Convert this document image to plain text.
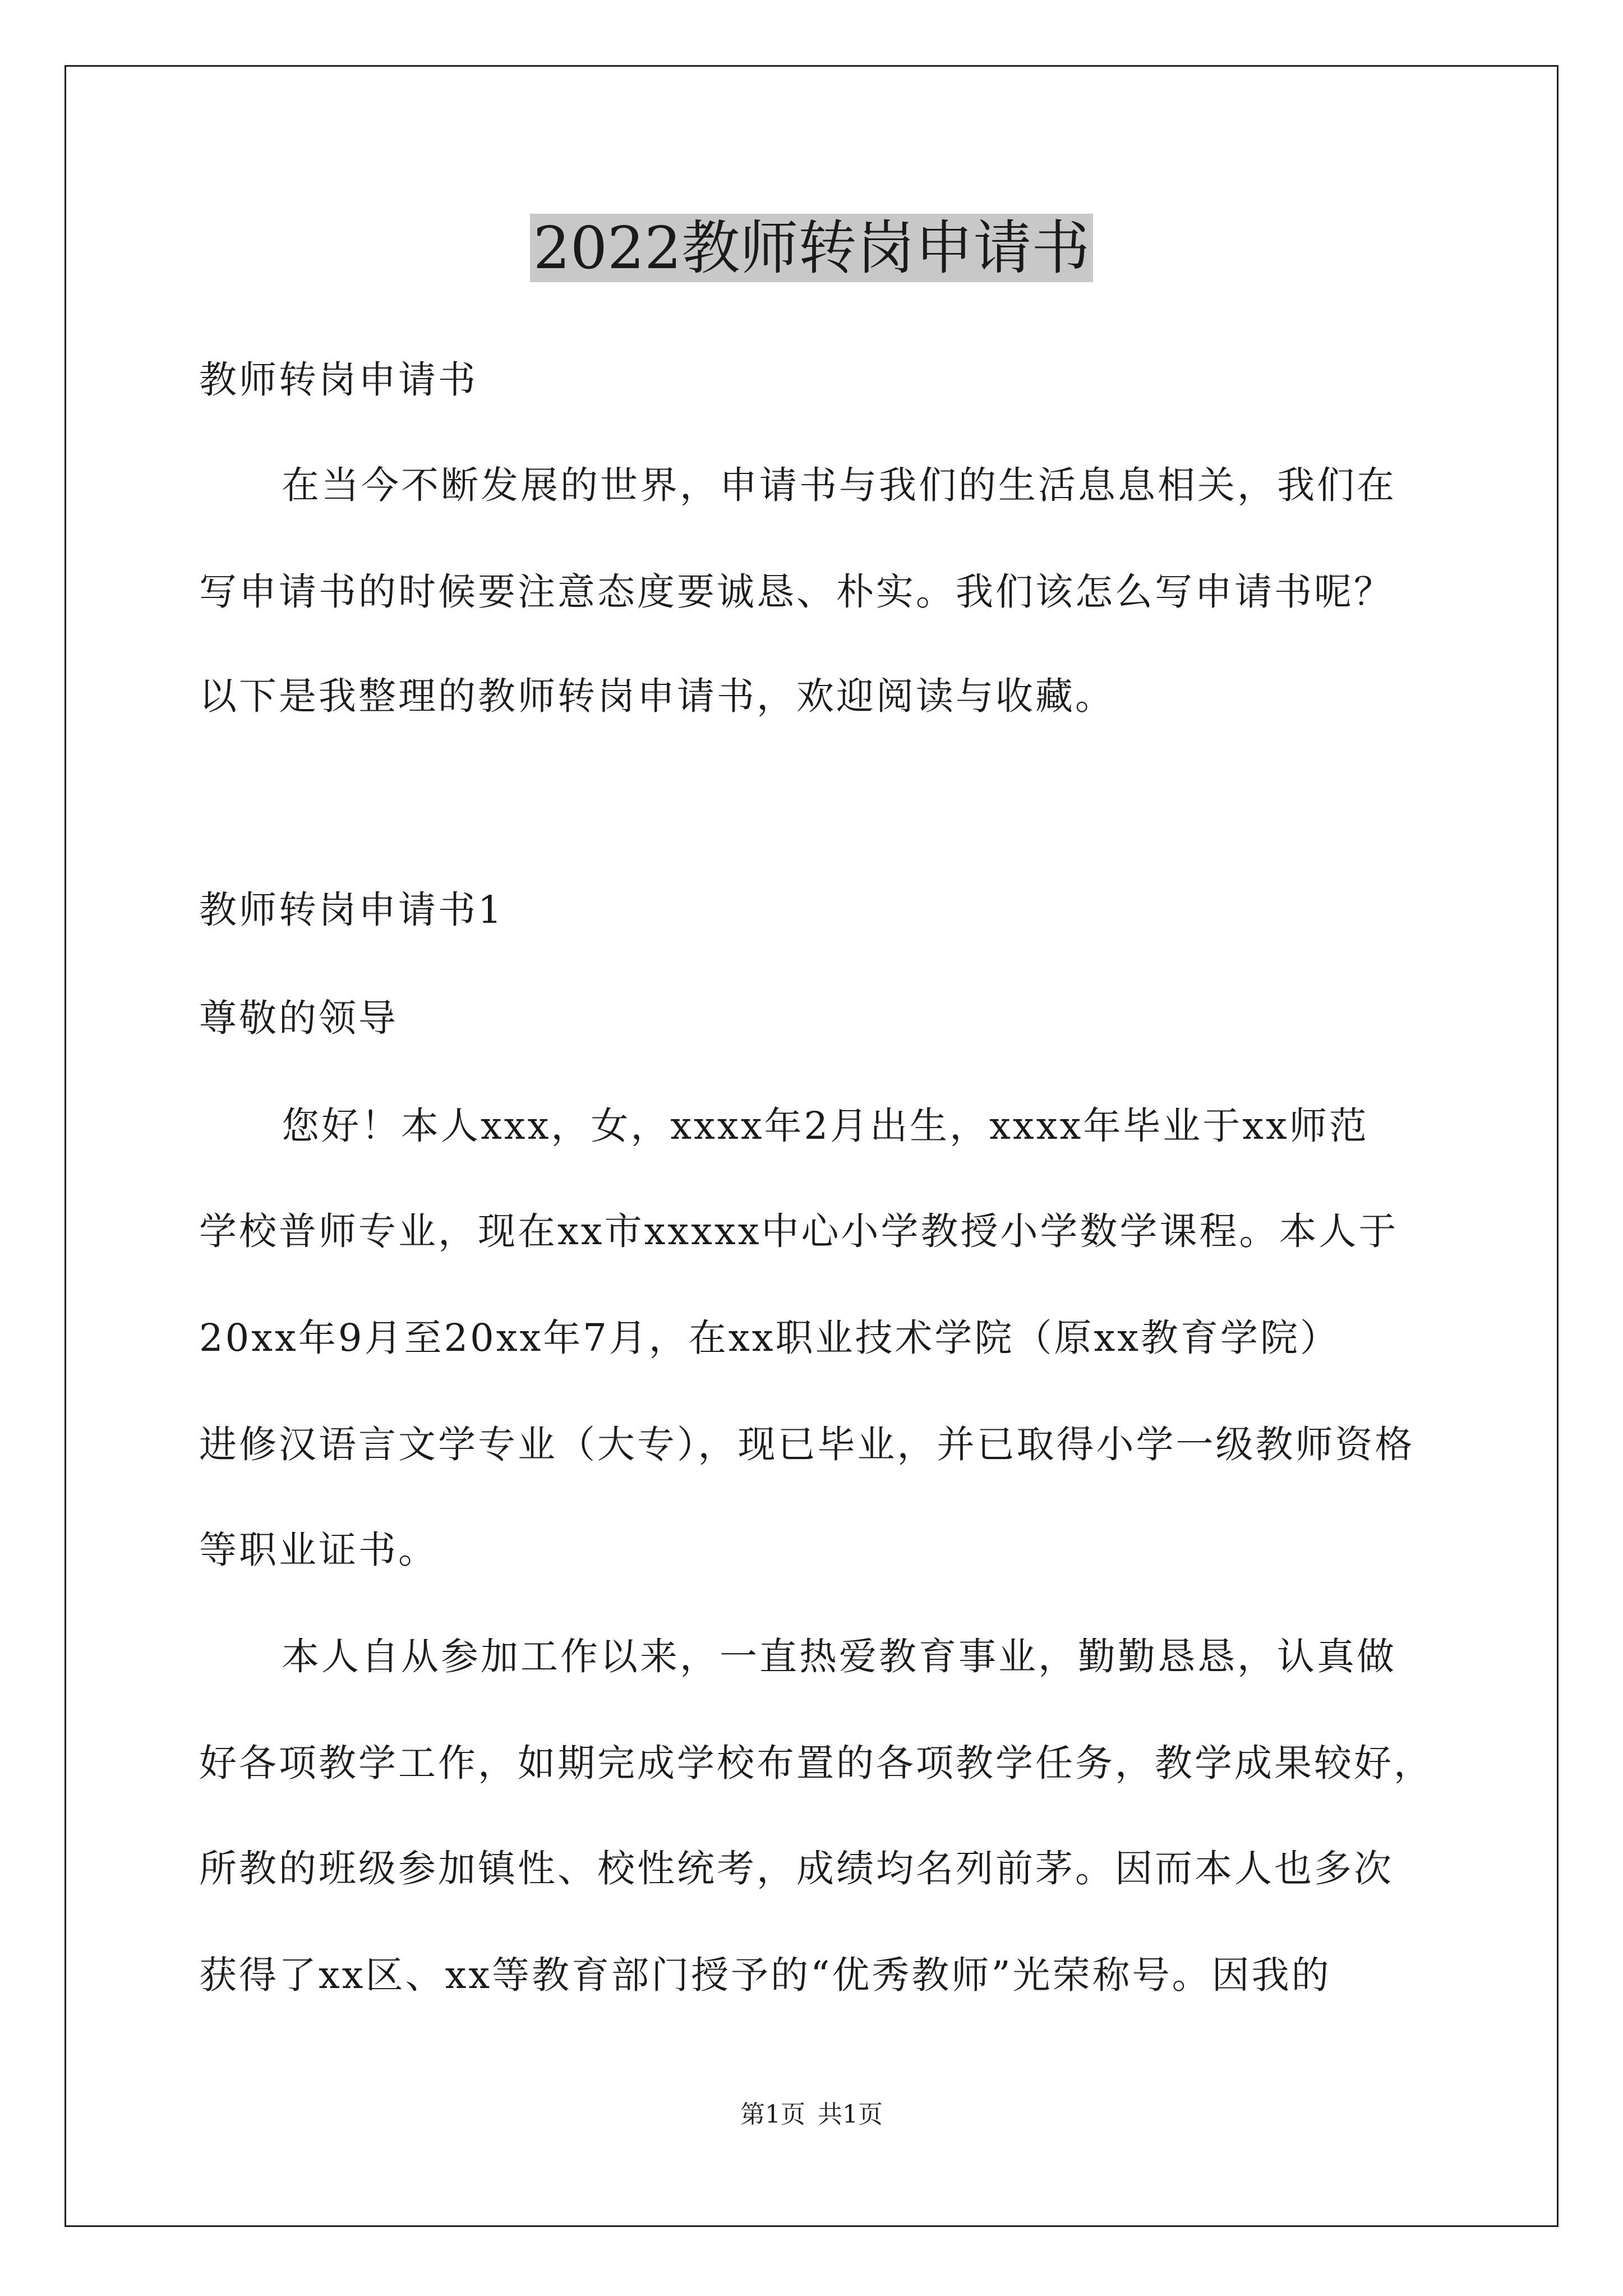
2022教师转岗申请书

教师转岗申请书

在当今不断发展的世界，申请书与我们的生活息息相关，我们在

写申请书的时候要注意态度要诚恳、朴实。我们该怎么写申请书呢？

以下是我整理的教师转岗申请书，欢迎阅读与收藏。

教师转岗申请书1

尊敬的领导

您好！本人xxx，女，xxxx年2月出生，xxxx年毕业于xx师范

学校普师专业，现在xx市xxxxx中心小学教授小学数学课程。本人于

20xx年9月至20xx年7月，在xx职业技术学院（原xx教育学院）

进修汉语言文学专业（大专），现已毕业，并已取得小学一级教师资格

等职业证书。

本人自从参加工作以来，一直热爱教育事业，勤勤恳恳，认真做

好各项教学工作，如期完成学校布置的各项教学任务，教学成果较好，

所教的班级参加镇性、校性统考，成绩均名列前茅。因而本人也多次

获得了xx区、xx等教育部门授予的“优秀教师”光荣称号。因我的

第1页 共1页
